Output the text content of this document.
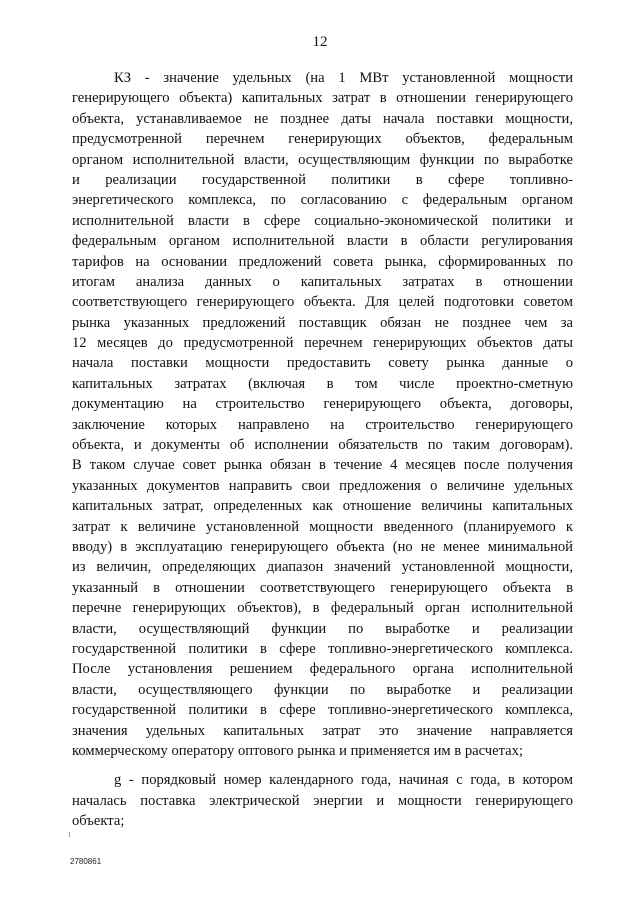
12
КЗ - значение удельных (на 1 МВт установленной мощности
генерирующего объекта) капитальных затрат в отношении генерирующего
объекта, устанавливаемое не позднее даты начала поставки мощности,
предусмотренной перечнем генерирующих объектов, федеральным
органом исполнительной власти, осуществляющим функции по выработке
и реализации государственной политики в сфере топливно-
энергетического комплекса, по согласованию с федеральным органом
исполнительной власти в сфере социально-экономической политики и
федеральным органом исполнительной власти в области регулирования
тарифов на основании предложений совета рынка, сформированных по
итогам анализа данных о капитальных затратах в отношении
соответствующего генерирующего объекта. Для целей подготовки советом
рынка указанных предложений поставщик обязан не позднее чем за
12 месяцев до предусмотренной перечнем генерирующих объектов даты
начала поставки мощности предоставить совету рынка данные о
капитальных затратах (включая в том числе проектно-сметную
документацию на строительство генерирующего объекта, договоры,
заключение которых направлено на строительство генерирующего
объекта, и документы об исполнении обязательств по таким договорам).
В таком случае совет рынка обязан в течение 4 месяцев после получения
указанных документов направить свои предложения о величине удельных
капитальных затрат, определенных как отношение величины капитальных
затрат к величине установленной мощности введенного (планируемого к
вводу) в эксплуатацию генерирующего объекта (но не менее минимальной
из величин, определяющих диапазон значений установленной мощности,
указанный в отношении соответствующего генерирующего объекта в
перечне генерирующих объектов), в федеральный орган исполнительной
власти, осуществляющий функции по выработке и реализации
государственной политики в сфере топливно-энергетического комплекса.
После установления решением федерального органа исполнительной
власти, осуществляющего функции по выработке и реализации
государственной политики в сфере топливно-энергетического комплекса,
значения удельных капитальных затрат это значение направляется
коммерческому оператору оптового рынка и применяется им в расчетах;
g - порядковый номер календарного года, начиная с года, в котором
началась поставка электрической энергии и мощности генерирующего
объекта;
2780861
